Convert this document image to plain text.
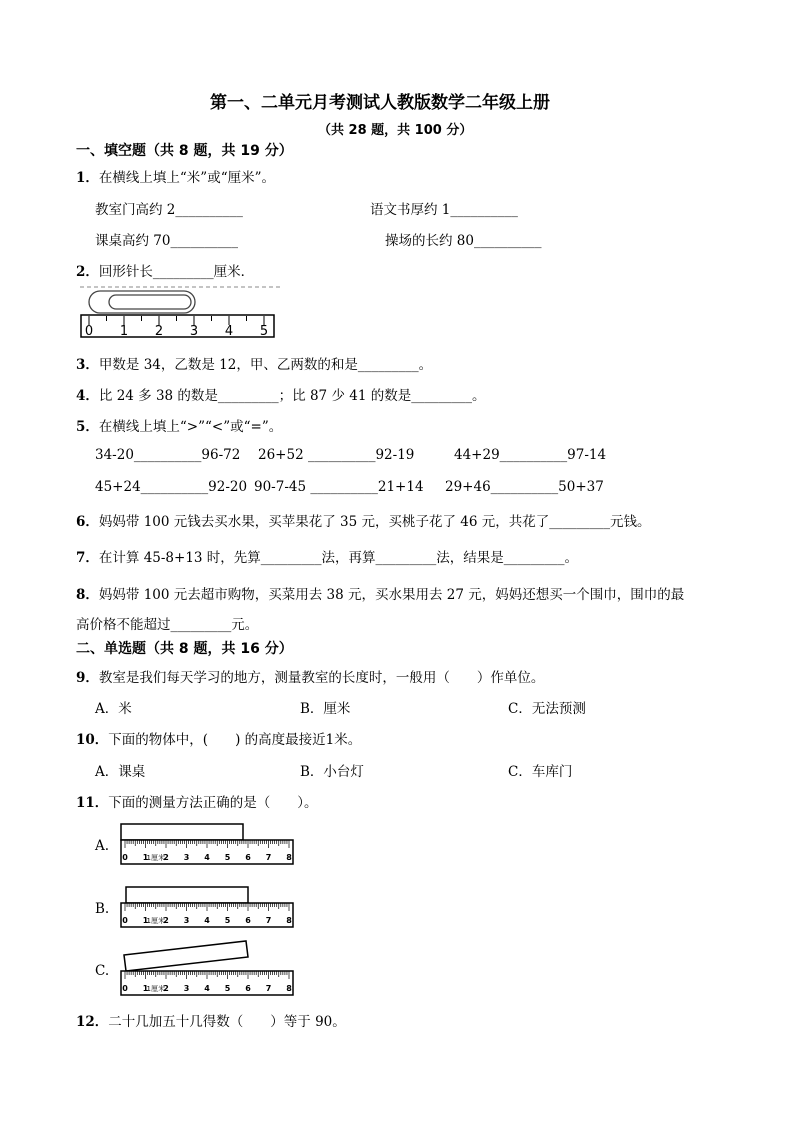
第一、二单元月考测试人教版数学二年级上册
（共 28 题，共 100 分）
一、填空题（共 8 题，共 19 分）
1．在横线上填上“米”或“厘米”。
教室门高约 2__________	语文书厚约 1__________
课桌高约 70__________	操场的长约 80__________
2．回形针长_________厘米．
0 1 2 3 4 5
3．甲数是 34，乙数是 12，甲、乙两数的和是_________。
4．比 24 多 38 的数是_________；比 87 少 41 的数是_________。
5．在横线上填上“>”“<”或“=”。
34-20__________96-72 26+52 __________92-19	44+29__________97-14
45+24__________92-20 90-7-45 __________21+14 29+46__________50+37
6．妈妈带 100 元钱去买水果，买苹果花了 35 元，买桃子花了 46 元，共花了_________元钱。
7．在计算 45-8+13 时，先算_________法，再算_________法，结果是_________。
8．妈妈带 100 元去超市购物，买菜用去 38 元，买水果用去 27 元，妈妈还想买一个围巾，围巾的最
高价格不能超过_________元。
二、单选题（共 8 题，共 16 分）
9．教室是我们每天学习的地方，测量教室的长度时，一般用（　　）作单位。
A．米	B．厘米	C．无法预测
10．下面的物体中，(　　) 的高度最接近1米。
A．课桌	B．小台灯	C．车库门
11．下面的测量方法正确的是（　　）。
A.
0 1 2 3 4 5 6 7 8
1厘米
B.
0 1 2 3 4 5 6 7 8
1厘米
C.
0 1 2 3 4 5 6 7 8
1厘米
12．二十几加五十几得数（　　）等于 90。
